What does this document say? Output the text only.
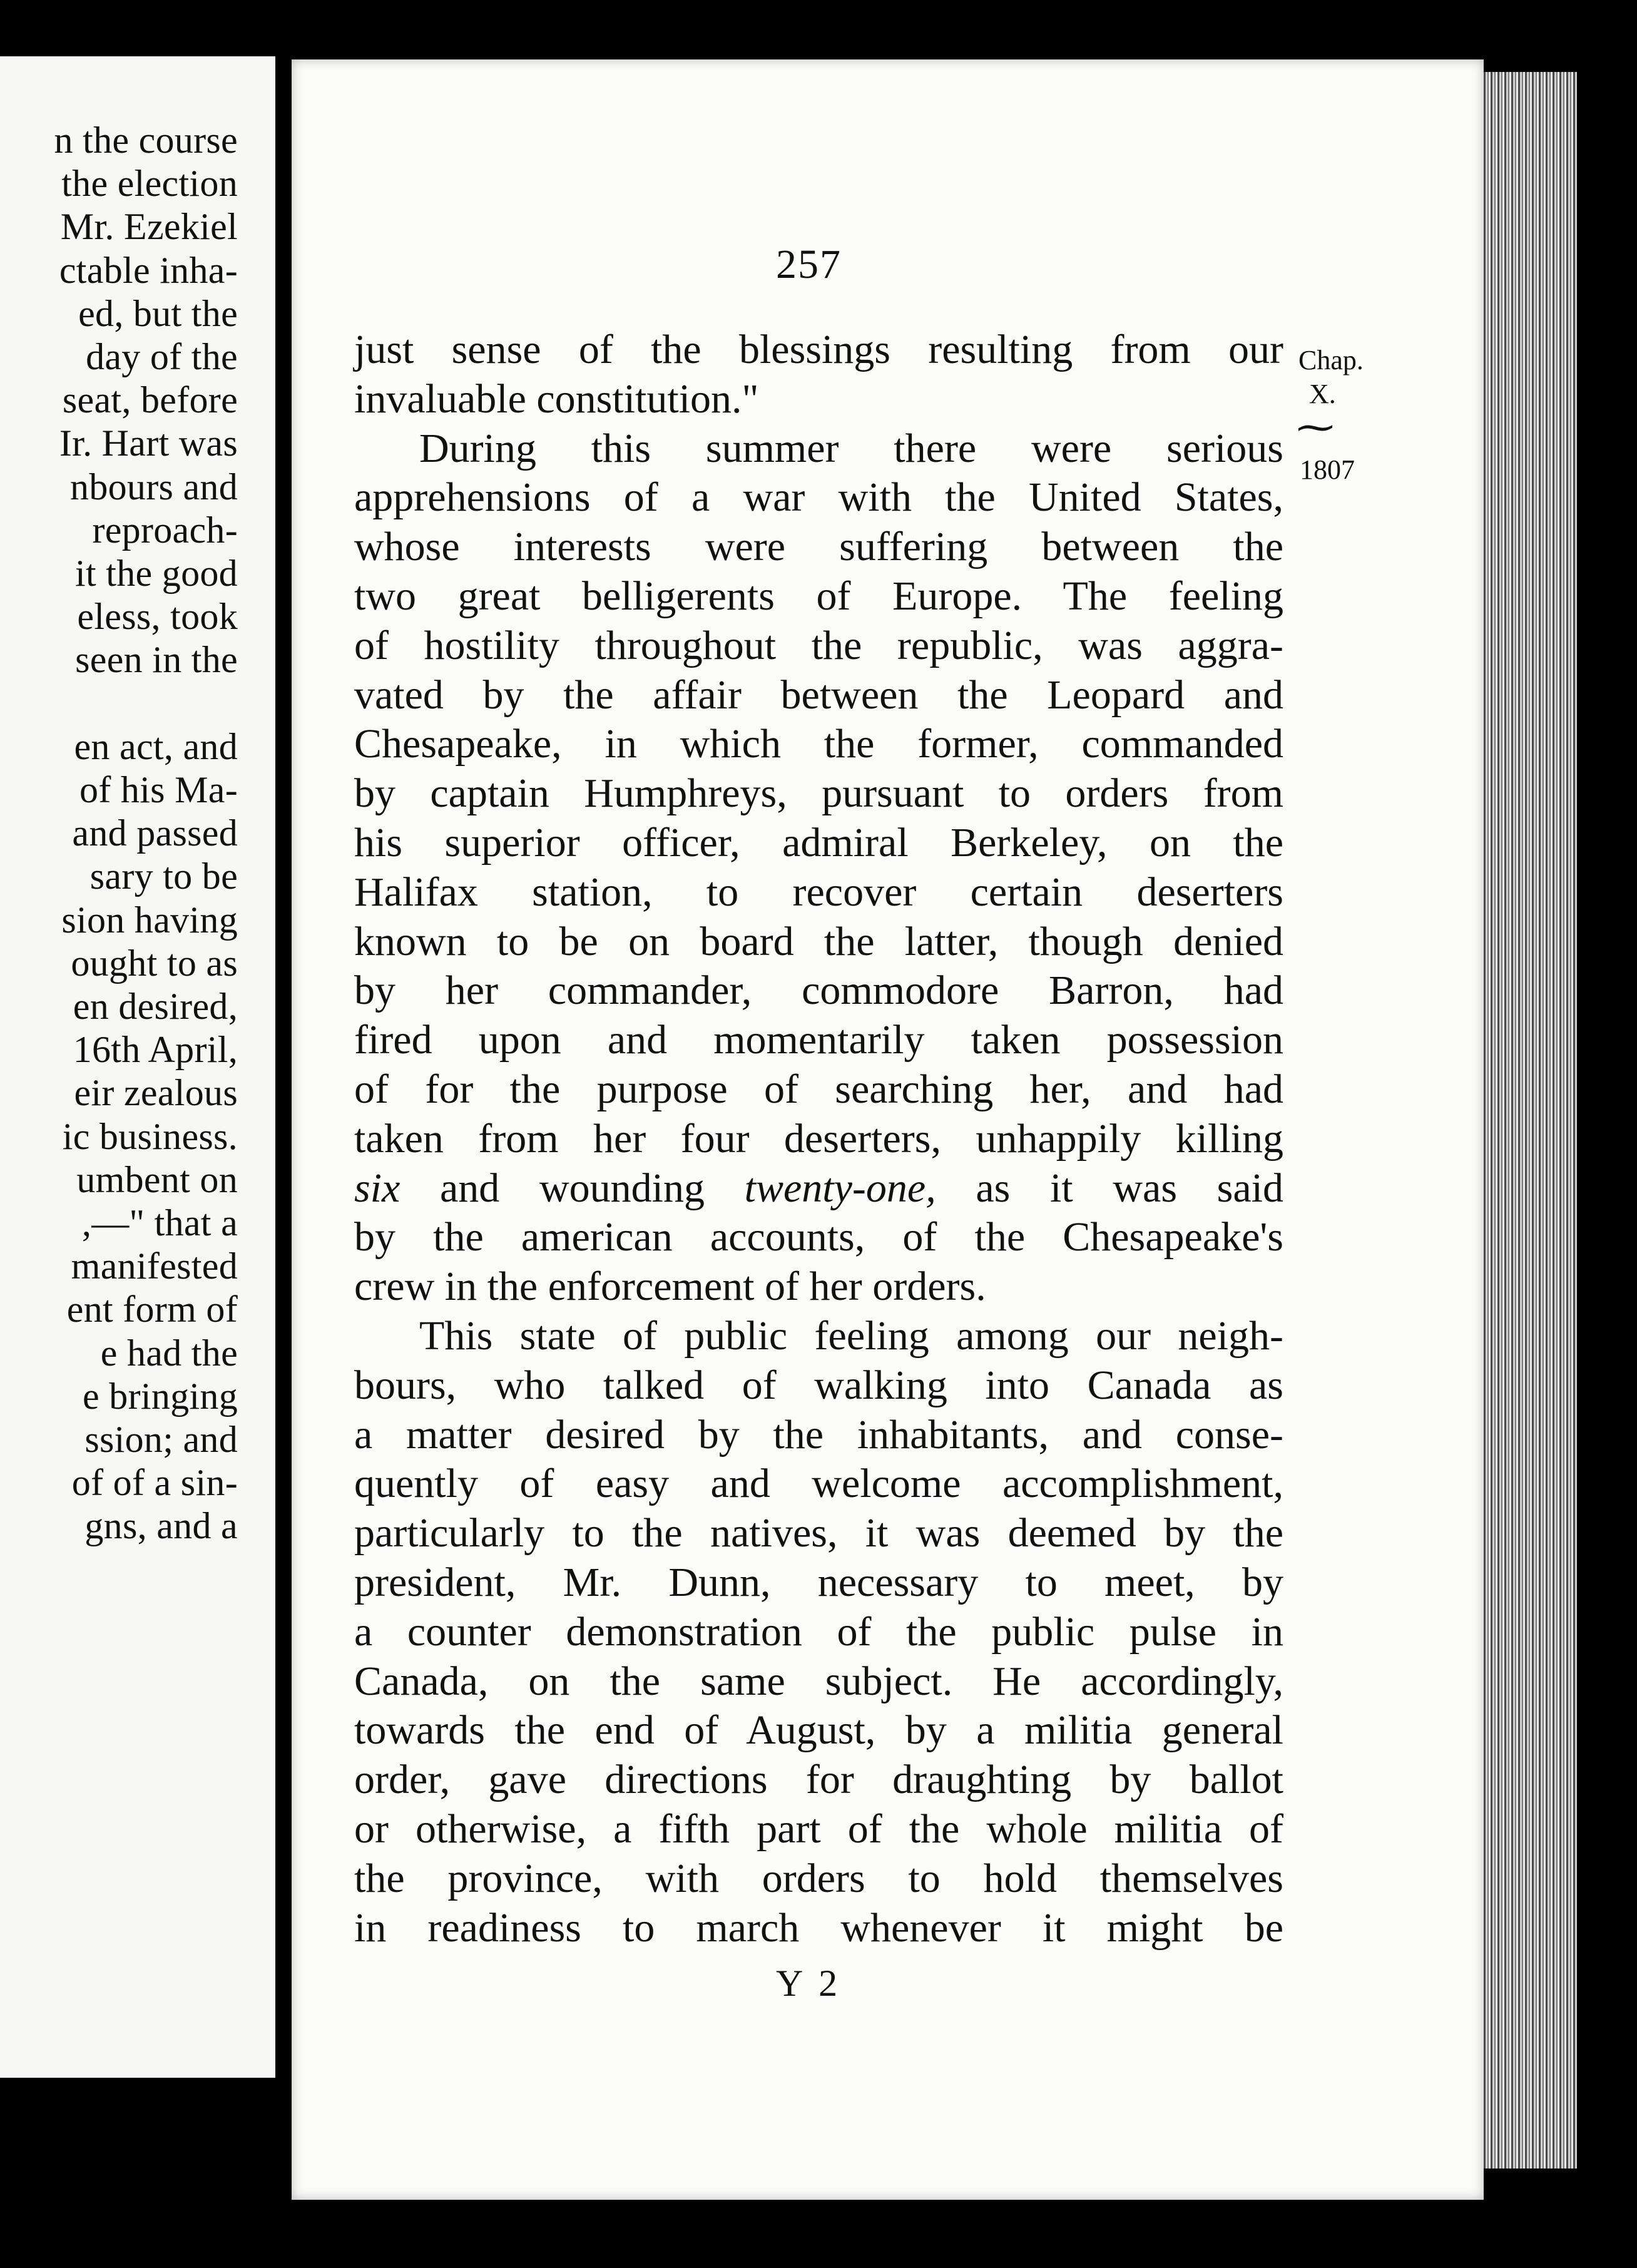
n the course
the election
Mr. Ezekiel
ctable inha-
ed, but the
day of the
seat, before
Ir. Hart was
nbours and
reproach-
it the good
eless, took
seen in the
en act, and
of his Ma-
and passed
sary to be
sion having
ought to as
en desired,
16th April,
eir zealous
ic business.
umbent on
,—" that a
manifested
ent form of
e had the
e bringing
ssion; and
of of a sin-
gns, and a
257
Chap.
X.
⁓
1807
just sense of the blessings resulting from our
invaluable constitution."
During this summer there were serious
apprehensions of a war with the United States,
whose interests were suffering between the
two great belligerents of Europe. The feeling
of hostility throughout the republic, was aggra-
vated by the affair between the Leopard and
Chesapeake, in which the former, commanded
by captain Humphreys, pursuant to orders from
his superior officer, admiral Berkeley, on the
Halifax station, to recover certain deserters
known to be on board the latter, though denied
by her commander, commodore Barron, had
fired upon and momentarily taken possession
of for the purpose of searching her, and had
taken from her four deserters, unhappily killing
six and wounding twenty-one, as it was said
by the american accounts, of the Chesapeake's
crew in the enforcement of her orders.
This state of public feeling among our neigh-
bours, who talked of walking into Canada as
a matter desired by the inhabitants, and conse-
quently of easy and welcome accomplishment,
particularly to the natives, it was deemed by the
president, Mr. Dunn, necessary to meet, by
a counter demonstration of the public pulse in
Canada, on the same subject. He accordingly,
towards the end of August, by a militia general
order, gave directions for draughting by ballot
or otherwise, a fifth part of the whole militia of
the province, with orders to hold themselves
in readiness to march whenever it might be
Y 2
